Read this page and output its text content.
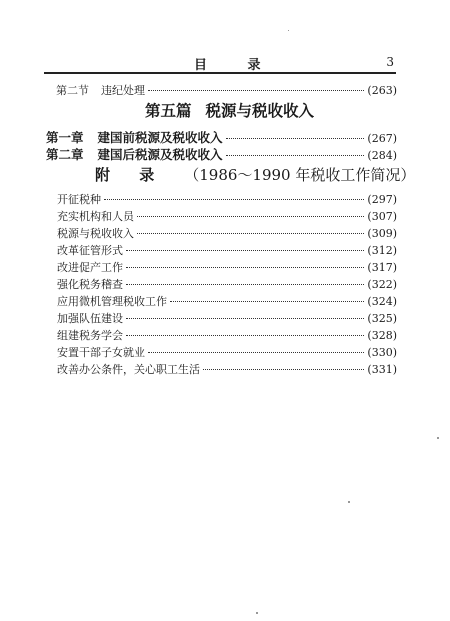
目 录	3
第二节 违纪处理	(263)
第五篇 税源与税收收入
第一章 建国前税源及税收收入	(267)
第二章 建国后税源及税收收入	(284)
附 录 （1986～1990 年税收工作简况）
开征税种	(297)
充实机构和人员	(307)
税源与税收收入	(309)
改革征管形式	(312)
改进促产工作	(317)
强化税务稽查	(322)
应用微机管理税收工作	(324)
加强队伍建设	(325)
组建税务学会	(328)
安置干部子女就业	(330)
改善办公条件，关心职工生活	(331)
